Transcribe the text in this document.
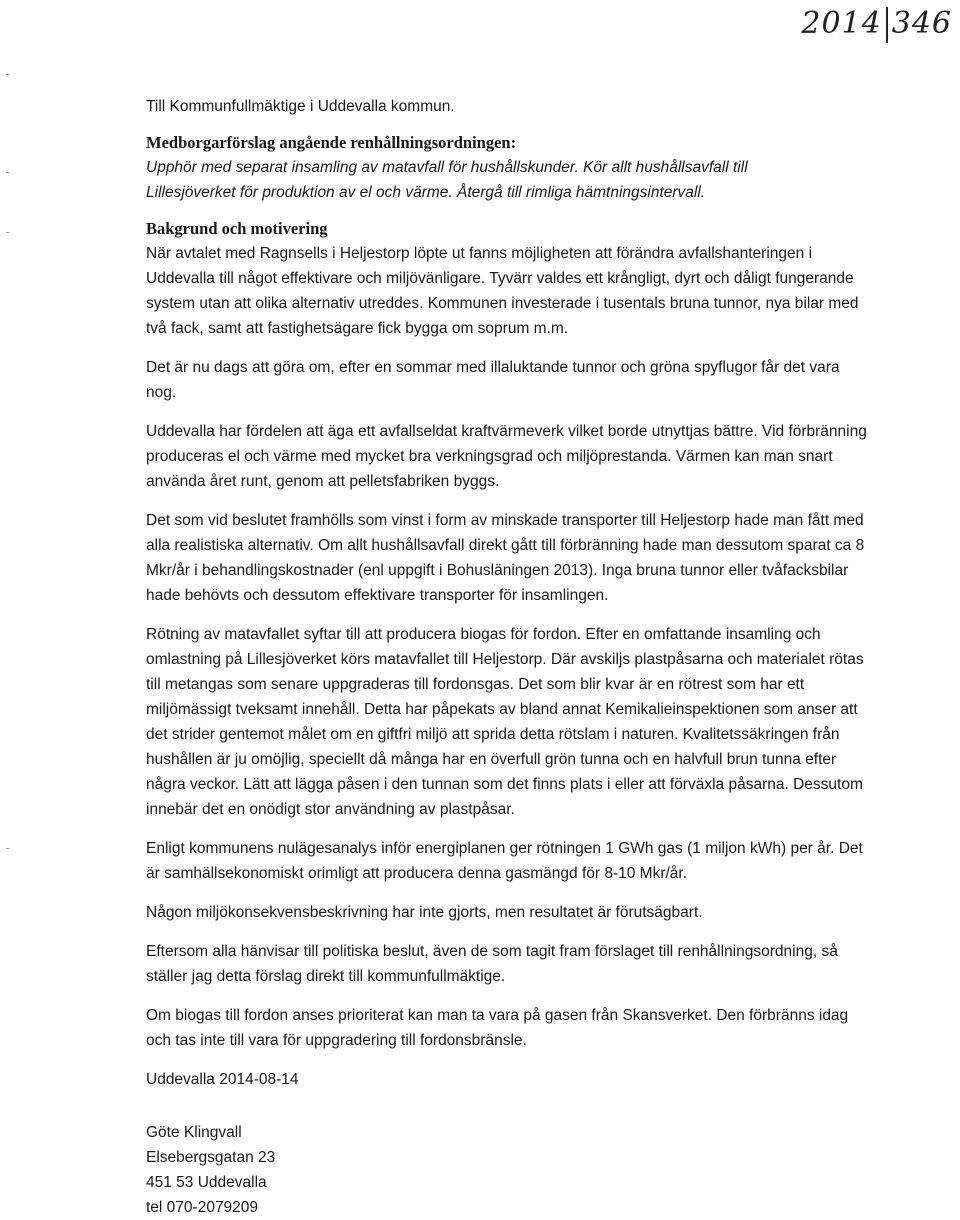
2014 346

Till Kommunfullmäktige i Uddevalla kommun.

Medborgarförslag angående renhållningsordningen:

Upphör med separat insamling av matavfall för hushållskunder. Kör allt hushållsavfall till
Lillesjöverket för produktion av el och värme. Återgå till rimliga hämtningsintervall.

Bakgrund och motivering

När avtalet med Ragnsells i Heljestorp löpte ut fanns möjligheten att förändra avfallshanteringen i Uddevalla till något effektivare och miljövänligare. Tyvärr valdes ett krångligt, dyrt och dåligt fungerande system utan att olika alternativ utreddes. Kommunen investerade i tusentals bruna tunnor, nya bilar med två fack, samt att fastighetsägare fick bygga om soprum m.m.

Det är nu dags att göra om, efter en sommar med illaluktande tunnor och gröna spyflugor får det vara nog.

Uddevalla har fördelen att äga ett avfallseldat kraftvärmeverk vilket borde utnyttjas bättre. Vid förbränning produceras el och värme med mycket bra verkningsgrad och miljöprestanda. Värmen kan man snart använda året runt, genom att pelletsfabriken byggs.

Det som vid beslutet framhölls som vinst i form av minskade transporter till Heljestorp hade man fått med alla realistiska alternativ. Om allt hushållsavfall direkt gått till förbränning hade man dessutom sparat ca 8 Mkr/år i behandlingskostnader (enl uppgift i Bohusläningen 2013). Inga bruna tunnor eller tvåfacksbilar hade behövts och dessutom effektivare transporter för insamlingen.

Rötning av matavfallet syftar till att producera biogas för fordon. Efter en omfattande insamling och omlastning på Lillesjöverket körs matavfallet till Heljestorp. Där avskiljs plastpåsarna och materialet rötas till metangas som senare uppgraderas till fordonsgas. Det som blir kvar är en rötrest som har ett miljömässigt tveksamt innehåll. Detta har påpekats av bland annat Kemikalieinspektionen som anser att det strider gentemot målet om en giftfri miljö att sprida detta rötslam i naturen. Kvalitetssäkringen från hushållen är ju omöjlig, speciellt då många har en överfull grön tunna och en halvfull brun tunna efter några veckor. Lätt att lägga påsen i den tunnan som det finns plats i eller att förväxla påsarna. Dessutom innebär det en onödigt stor användning av plastpåsar.

Enligt kommunens nulägesanalys inför energiplanen ger rötningen 1 GWh gas (1 miljon kWh) per år. Det är samhällsekonomiskt orimligt att producera denna gasmängd för 8-10 Mkr/år.

Någon miljökonsekvensbeskrivning har inte gjorts, men resultatet är förutsägbart.

Eftersom alla hänvisar till politiska beslut, även de som tagit fram förslaget till renhållningsordning, så ställer jag detta förslag direkt till kommunfullmäktige.

Om biogas till fordon anses prioriterat kan man ta vara på gasen från Skansverket. Den förbränns idag och tas inte till vara för uppgradering till fordonsbränsle.

Uddevalla 2014-08-14

Göte Klingvall
Elsebergsgatan 23
451 53 Uddevalla
tel 070-2079209
